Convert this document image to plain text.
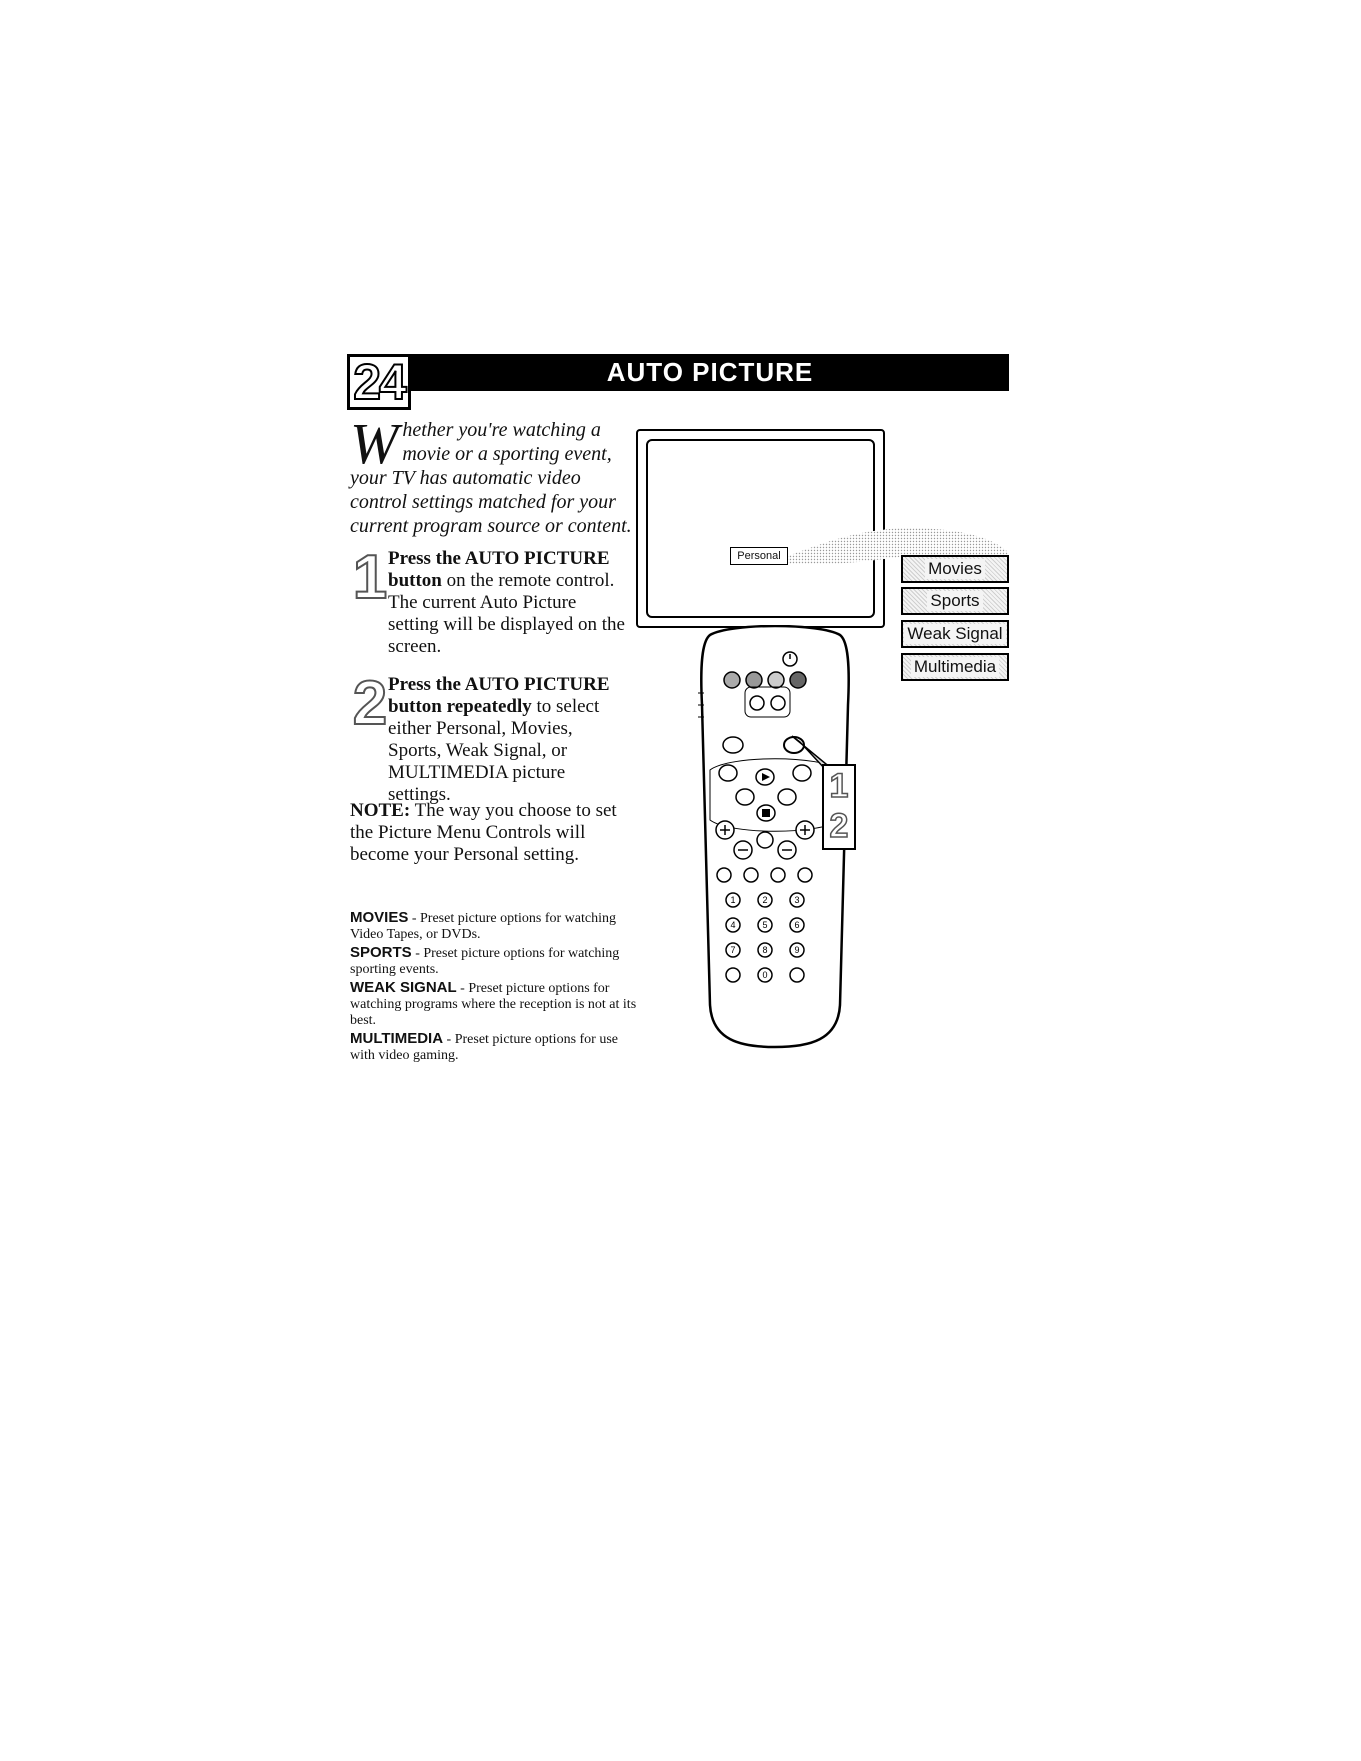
24	AUTO PICTURE
Whether you're watching a movie or a sporting event, your TV has automatic video control settings matched for your current program source or content.
1 Press the AUTO PICTURE button on the remote control. The current Auto Picture setting will be displayed on the screen.
2 Press the AUTO PICTURE button repeatedly to select either Personal, Movies, Sports, Weak Signal, or MULTIMEDIA picture settings.
NOTE: The way you choose to set the Picture Menu Controls will become your Personal setting.

MOVIES - Preset picture options for watching Video Tapes, or DVDs.

SPORTS - Preset picture options for watching sporting events.

WEAK SIGNAL - Preset picture options for watching programs where the reception is not at its best.

MULTIMEDIA - Preset picture options for use with video gaming.

Personal
Movies
Sports
Weak Signal
Multimedia
1	2	3
4	5	6
7	8	9
0
1
2
